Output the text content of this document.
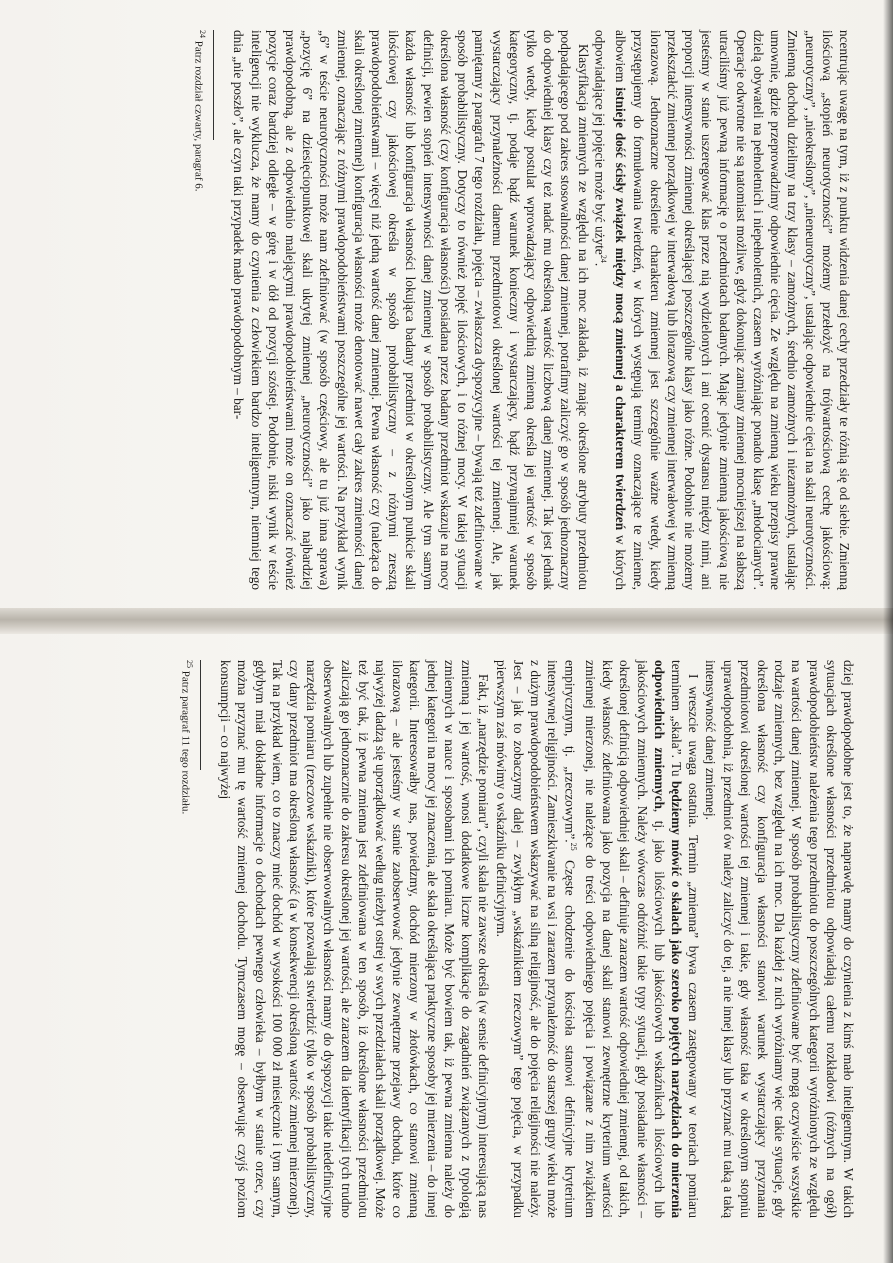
ncentrując uwagę na tym, iż z punktu widzenia danej cechy przedziały te różnią się od siebie. Zmienną ilościową „stopień neurotyczności” możemy przełożyć na trójwartościową cechę jakościową: „neurotyczny”, „nieokreślony”, „nieneurotyczny”, ustalając odpowiednie cięcia na skali neurotyczności. Zmienną dochodu dzielimy na trzy klasy – zamożnych, średnio zamożnych i niezamożnych, ustalając umownie, gdzie przeprowadzimy odpowiednie cięcia. Ze względu na zmienną wieku przepisy prawne dzielą obywateli na pełnoletnich i niepełnoletnich, czasem wyróżniając ponadto klasę „młodocianych”. Operacje odwrotne nie są natomiast możliwe, gdyż dokonując zamiany zmiennej mocniejszej na słabszą utraciliśmy już pewną informację o przedmiotach badanych. Mając jedynie zmienną jakościową nie jesteśmy w stanie uszeregować klas przez nią wydzielonych i ani ocenić dystansu między nimi, ani proporcji intensywności zmiennej określającej poszczególne klasy jako różne. Podobnie nie możemy przekształcić zmiennej porządkowej w interwałową lub ilorazową czy zmiennej interwałowej w zmienną ilorazową. Jednoznaczne określenie charakteru zmiennej jest szczególnie ważne wtedy, kiedy przystępujemy do formułowania twierdzeń, w których występują terminy oznaczające te zmienne, albowiem istnieje dość ścisły związek między mocą zmiennej a charakterem twierdzeń w których odpowiadające jej pojęcie może być użyte$^{24}$.

Klasyfikacja zmiennych ze względu na ich moc zakłada, iż znając określone atrybuty przedmiotu podpadającego pod zakres stosowalności danej zmiennej, potrafimy zaliczyć go w sposób jednoznaczny do odpowiedniej klasy czy też nadać mu określoną wartość liczbową danej zmiennej. Tak jest jednak tylko wtedy, kiedy postulat wprowadzający odpowiednią zmienną określa jej wartość w sposób kategoryczny, tj. podaje bądź warunek konieczny i wystarczający, bądź przynajmniej warunek wystarczający przynależności danemu przedmiotowi określonej wartości tej zmiennej. Ale, jak pamiętamy z paragrafu 7 tego rozdziału, pojęcia – zwłaszcza dyspozycyjne – bywają też zdefiniowane w sposób probabilistyczny. Dotyczy to również pojęć ilościowych, i to różnej mocy. W takiej sytuacji określona własność (czy konfiguracja własności) posiadana przez badany przedmiot wskazuje na mocy definicji, pewien stopień intensywności danej zmiennej w sposób probabilistyczny. Ale tym samym każda własność lub konfiguracja własności lokująca badany przedmiot w określonym punkcie skali ilościowej czy jakościowej określa w sposób probabilistyczny – z różnymi zresztą prawdopodobieństwami – więcej niż jedną wartość danej zmiennej. Pewna własność czy (należąca do skali określonej zmiennej) konfiguracja własności może denotować nawet cały zakres zmienności danej zmiennej, oznaczając z różnymi prawdopodobieństwami poszczególne jej wartości. Na przykład wynik „6” w teście neurotyczności może nam zdefiniować (w sposób częściowy, ale tu już inna sprawa) „pozycję 6” na dziesięciopunktowej skali ukrytej zmiennej „neurotyczności” jako najbardziej prawdopodobną, ale z odpowiednio malejącymi prawdopodobieństwami może on oznaczać również pozycje coraz bardziej odległe – w górę i w dół od pozycji szóstej. Podobnie, niski wynik w teście inteligencji nie wyklucza, że mamy do czynienia z człowiekiem bardzo inteligentnym, niemniej tego dnia „nie poszło”, ale czyn taki przypadek mało prawdopodobnym – bar-

$^{24}$ Patrz rozdział czwarty, paragraf 6.

dziej prawdopodobne jest to, że naprawdę mamy do czynienia z kimś mało inteligentnym. W takich sytuacjach określone własności przedmiotu odpowiadają całemu rozkładowi (różnych na ogół) prawdopodobieństw należenia tego przedmiotu do poszczególnych kategorii wyróżnionych ze względu na wartości danej zmiennej. W sposób probabilistyczny zdefiniowane być mogą oczywiście wszystkie rodzaje zmiennych, bez względu na ich moc. Dla każdej z nich wyróżniamy więc takie sytuacje, gdy określona własność czy konfiguracja własności stanowi warunek wystarczający przyznania przedmiotowi określonej wartości tej zmiennej i takie, gdy własność taka w określonym stopniu uprawdopodobnia, iż przedmiot ów należy zaliczyć do tej, a nie innej klasy lub przyznać mu taką a taką intensywność danej zmiennej.

I wreszcie uwaga ostatnia. Termin „zmienna” bywa czasem zastępowany w teoriach pomiaru terminem „skala”. Tu będziemy mówić o skalach jako szeroko pojętych narzędziach do mierzenia odpowiednich zmiennych, tj. jako ilościowych lub jakościowych wskaźnikach ilościowych lub jakościowych zmiennych. Należy wówczas odróżnić takie typy sytuacji, gdy posiadanie własności – określonej definicją odpowiedniej skali – definiuje zarazem wartość odpowiedniej zmiennej, od takich, kiedy własność zdefiniowana jako pozycja na danej skali stanowi zewnętrzne kryterium wartości zmiennej mierzonej, nie należące do treści odpowiedniego pojęcia i powiązane z nim związkiem empirycznym, tj. „rzeczowym”.$^{25}$ Częste chodzenie do kościoła stanowi definicyjne kryterium intensywnej religijności. Zamieszkiwanie na wsi i zarazem przynależność do starszej grupy wieku może z dużym prawdopodobieństwem wskazywać na silną religijność, ale do pojęcia religijności nie należy. Jest – jak to zobaczymy dalej – zwykłym „wskaźnikiem rzeczowym” tego pojęcia, w przypadku pierwszym zaś mówimy o wskaźniku definicyjnym.

Fakt, iż „narzędzie pomiaru”, czyli skala nie zawsze określa (w sensie definicyjnym) interesującą nas zmienną i jej wartość, wnosi dodatkowe liczne komplikacje do zagadnień związanych z typologią zmiennych w nauce i sposobami ich pomiaru. Może być bowiem tak, iż pewna zmienna należy do jednej kategorii na mocy jej znaczenia, ale skala określająca praktyczne sposoby jej mierzenia – do innej kategorii. Interesowałby nas, powiedzmy, dochód mierzony w złotówkach, co stanowi zmienną ilorazową – ale jesteśmy w stanie zaobserwować jedynie zewnętrzne przejawy dochodu, które co najwyżej dadzą się uporządkować według niezbyt ostrej w swych przedziałach skali porządkowej. Może też być tak, iż pewna zmienna jest zdefiniowana w ten sposób, iż określone własności przedmiotu zaliczają go jednoznacznie do zakresu określonej jej wartości, ale zarazem dla identyfikacji tych trudno obserwowalnych lub zupełnie nie obserwowalnych własności mamy do dyspozycji takie niedefinicyjne narzędzia pomiaru (rzeczowe wskaźniki), które pozwalają stwierdzić tylko w sposób probabilistyczny, czy dany przedmiot ma określoną własność (a w konsekwencji określoną wartość zmiennej mierzonej). Tak na przykład wiem, co to znaczy mieć dochód w wysokości 100 000 zł miesięcznie i tym samym, gdybym miał dokładne informacje o dochodach pewnego człowieka – byłbym w stanie orzec, czy można przyznać mu tę wartość zmiennej dochodu. Tymczasem mogę – obserwując czyjś poziom konsumpcji – co najwyżej

$^{25}$ Patrz paragraf 11 tego rozdziału.
